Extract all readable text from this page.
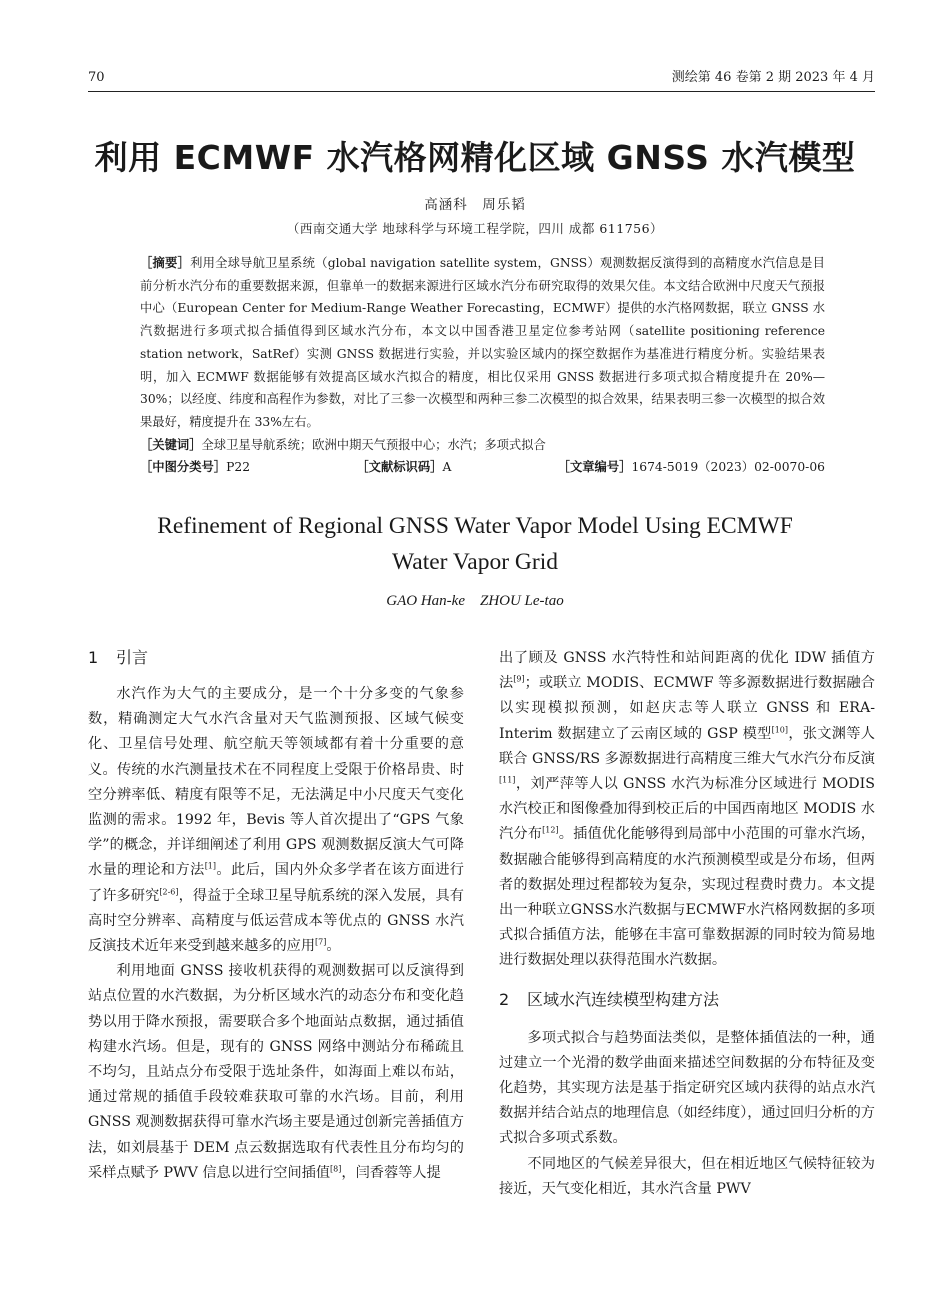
70	测绘第 46 卷第 2 期 2023 年 4 月
利用 ECMWF 水汽格网精化区域 GNSS 水汽模型
高涵科　周乐韬
（西南交通大学 地球科学与环境工程学院，四川 成都 611756）

［摘要］利用全球导航卫星系统（global navigation satellite system，GNSS）观测数据反演得到的高精度水汽信息是目前分析水汽分布的重要数据来源，但靠单一的数据来源进行区域水汽分布研究取得的效果欠佳。本文结合欧洲中尺度天气预报中心（European Center for Medium-Range Weather Forecasting，ECMWF）提供的水汽格网数据，联立 GNSS 水汽数据进行多项式拟合插值得到区域水汽分布，本文以中国香港卫星定位参考站网（satellite positioning reference station network，SatRef）实测 GNSS 数据进行实验，并以实验区域内的探空数据作为基准进行精度分析。实验结果表明，加入 ECMWF 数据能够有效提高区域水汽拟合的精度，相比仅采用 GNSS 数据进行多项式拟合精度提升在 20%—30%；以经度、纬度和高程作为参数，对比了三参一次模型和两种三参二次模型的拟合效果，结果表明三参一次模型的拟合效果最好，精度提升在 33%左右。

［关键词］全球卫星导航系统；欧洲中期天气预报中心；水汽；多项式拟合

［中图分类号］P22	［文献标识码］A	［文章编号］1674-5019（2023）02-0070-06
Refinement of Regional GNSS Water Vapor Model Using ECMWF
Water Vapor Grid
GAO Han-ke　ZHOU Le-tao
1 引言

水汽作为大气的主要成分，是一个十分多变的气象参数，精确测定大气水汽含量对天气监测预报、区域气候变化、卫星信号处理、航空航天等领域都有着十分重要的意义。传统的水汽测量技术在不同程度上受限于价格昂贵、时空分辨率低、精度有限等不足，无法满足中小尺度天气变化监测的需求。1992 年，Bevis 等人首次提出了“GPS 气象学”的概念，并详细阐述了利用 GPS 观测数据反演大气可降水量的理论和方法[1]。此后，国内外众多学者在该方面进行了许多研究[2-6]，得益于全球卫星导航系统的深入发展，具有高时空分辨率、高精度与低运营成本等优点的 GNSS 水汽反演技术近年来受到越来越多的应用[7]。

利用地面 GNSS 接收机获得的观测数据可以反演得到站点位置的水汽数据，为分析区域水汽的动态分布和变化趋势以用于降水预报，需要联合多个地面站点数据，通过插值构建水汽场。但是，现有的 GNSS 网络中测站分布稀疏且不均匀，且站点分布受限于选址条件，如海面上难以布站，通过常规的插值手段较难获取可靠的水汽场。目前，利用 GNSS 观测数据获得可靠水汽场主要是通过创新完善插值方法，如刘晨基于 DEM 点云数据选取有代表性且分布均匀的采样点赋予 PWV 信息以进行空间插值[8]，闫香蓉等人提

出了顾及 GNSS 水汽特性和站间距离的优化 IDW 插值方法[9]；或联立 MODIS、ECMWF 等多源数据进行数据融合以实现模拟预测，如赵庆志等人联立 GNSS 和 ERA-Interim 数据建立了云南区域的 GSP 模型[10]，张文渊等人联合 GNSS/RS 多源数据进行高精度三维大气水汽分布反演[11]，刘严萍等人以 GNSS 水汽为标准分区域进行 MODIS 水汽校正和图像叠加得到校正后的中国西南地区 MODIS 水汽分布[12]。插值优化能够得到局部中小范围的可靠水汽场，数据融合能够得到高精度的水汽预测模型或是分布场，但两者的数据处理过程都较为复杂，实现过程费时费力。本文提出一种联立GNSS水汽数据与ECMWF水汽格网数据的多项式拟合插值方法，能够在丰富可靠数据源的同时较为简易地进行数据处理以获得范围水汽数据。

2 区域水汽连续模型构建方法

多项式拟合与趋势面法类似，是整体插值法的一种，通过建立一个光滑的数学曲面来描述空间数据的分布特征及变化趋势，其实现方法是基于指定研究区域内获得的站点水汽数据并结合站点的地理信息（如经纬度），通过回归分析的方式拟合多项式系数。

不同地区的气候差异很大，但在相近地区气候特征较为接近，天气变化相近，其水汽含量 PWV
